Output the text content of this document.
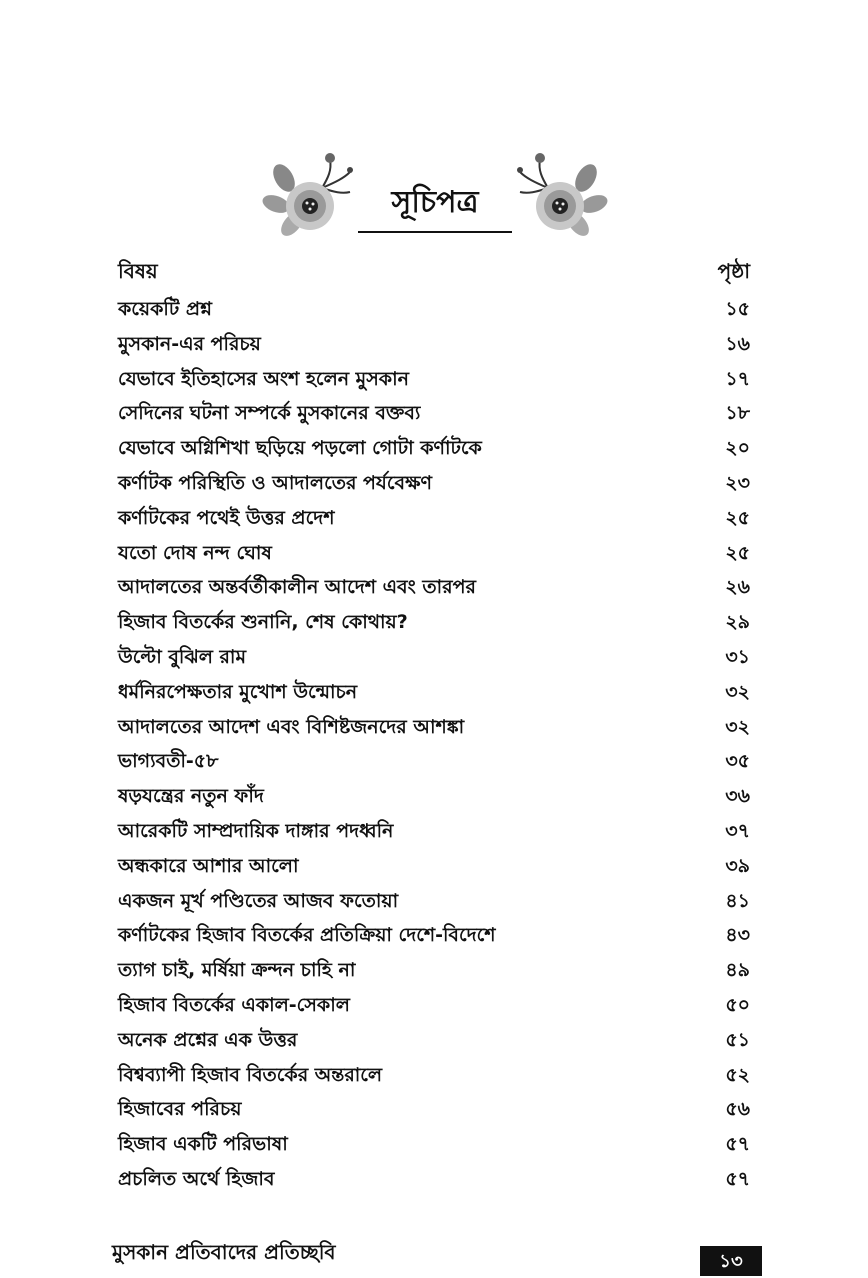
সূচিপত্র
বিষয়	পৃষ্ঠা
কয়েকটি প্রশ্ন	১৫
মুসকান-এর পরিচয়	১৬
যেভাবে ইতিহাসের অংশ হলেন মুসকান	১৭
সেদিনের ঘটনা সম্পর্কে মুসকানের বক্তব্য	১৮
যেভাবে অগ্নিশিখা ছড়িয়ে পড়লো গোটা কর্ণাটকে	২০
কর্ণাটক পরিস্থিতি ও আদালতের পর্যবেক্ষণ	২৩
কর্ণাটকের পথেই উত্তর প্রদেশ	২৫
যতো দোষ নন্দ ঘোষ	২৫
আদালতের অন্তর্বর্তীকালীন আদেশ এবং তারপর	২৬
হিজাব বিতর্কের শুনানি, শেষ কোথায়?	২৯
উল্টো বুঝিল রাম	৩১
ধর্মনিরপেক্ষতার মুখোশ উন্মোচন	৩২
আদালতের আদেশ এবং বিশিষ্টজনদের আশঙ্কা	৩২
ভাগ্যবতী-৫৮	৩৫
ষড়যন্ত্রের নতুন ফাঁদ	৩৬
আরেকটি সাম্প্রদায়িক দাঙ্গার পদধ্বনি	৩৭
অন্ধকারে আশার আলো	৩৯
একজন মূর্খ পণ্ডিতের আজব ফতোয়া	৪১
কর্ণাটকের হিজাব বিতর্কের প্রতিক্রিয়া দেশে-বিদেশে	৪৩
ত্যাগ চাই, মর্ষিয়া ক্রন্দন চাহি না	৪৯
হিজাব বিতর্কের একাল-সেকাল	৫০
অনেক প্রশ্নের এক উত্তর	৫১
বিশ্বব্যাপী হিজাব বিতর্কের অন্তরালে	৫২
হিজাবের পরিচয়	৫৬
হিজাব একটি পরিভাষা	৫৭
প্রচলিত অর্থে হিজাব	৫৭
মুসকান প্রতিবাদের প্রতিচ্ছবি	১৩
